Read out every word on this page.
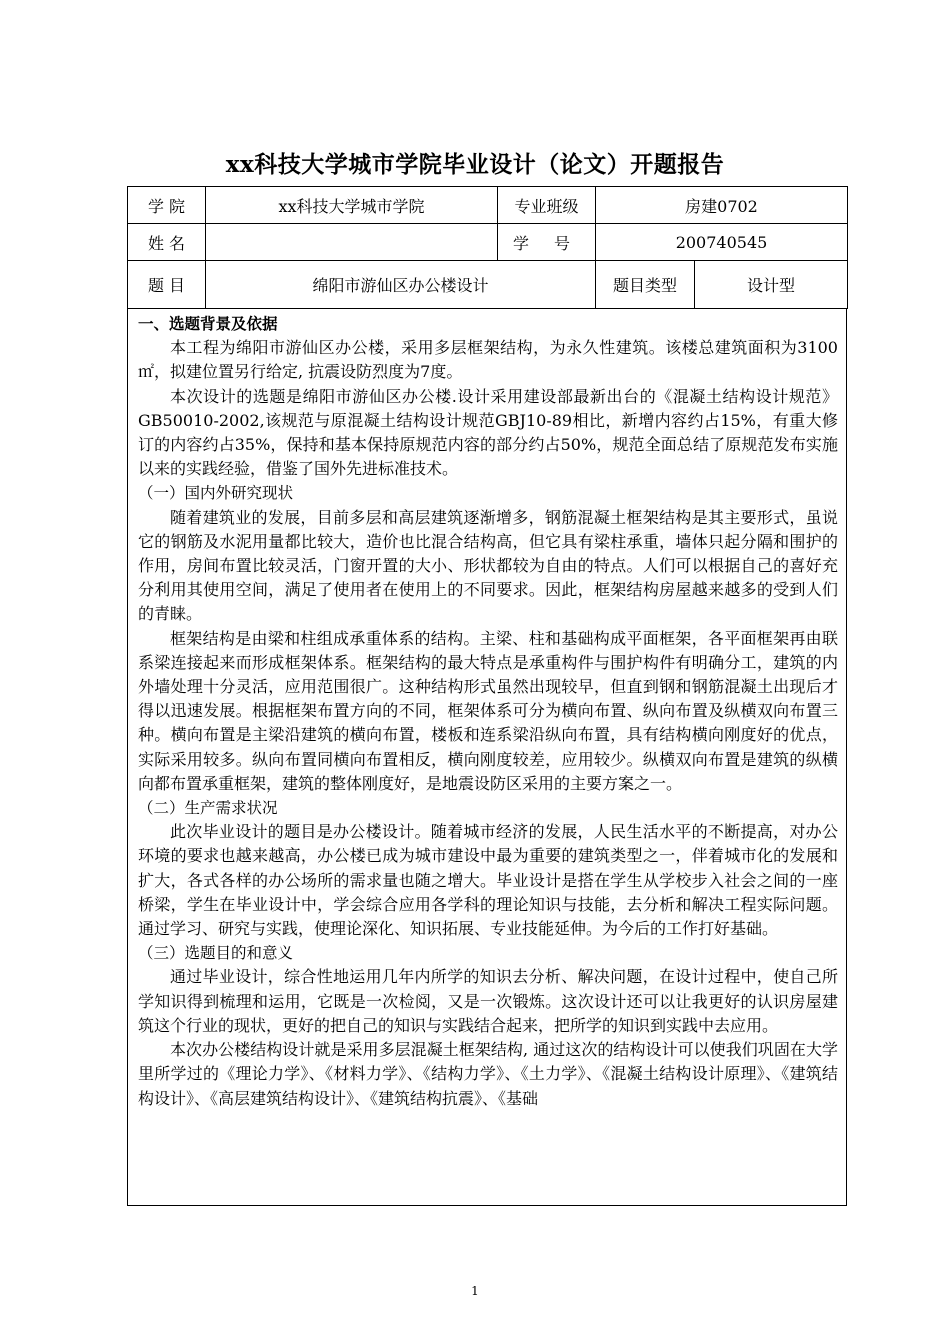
xx科技大学城市学院毕业设计（论文）开题报告
学 院	xx科技大学城市学院	专业班级	房建0702	
姓 名		学 号	200740545	
题 目	绵阳市游仙区办公楼设计		题目类型	设计型
一、选题背景及依据

本工程为绵阳市游仙区办公楼，采用多层框架结构，为永久性建筑。该楼总建筑面积为3100㎡，拟建位置另行给定, 抗震设防烈度为7度。

本次设计的选题是绵阳市游仙区办公楼.设计采用建设部最新出台的《混凝土结构设计规范》GB50010-2002,该规范与原混凝土结构设计规范GBJ10-89相比，新增内容约占15%，有重大修订的内容约占35%，保持和基本保持原规范内容的部分约占50%，规范全面总结了原规范发布实施以来的实践经验，借鉴了国外先进标准技术。

（一）国内外研究现状

随着建筑业的发展，目前多层和高层建筑逐渐增多，钢筋混凝土框架结构是其主要形式，虽说它的钢筋及水泥用量都比较大，造价也比混合结构高，但它具有梁柱承重，墙体只起分隔和围护的作用，房间布置比较灵活，门窗开置的大小、形状都较为自由的特点。人们可以根据自己的喜好充分利用其使用空间，满足了使用者在使用上的不同要求。因此，框架结构房屋越来越多的受到人们的青睐。

框架结构是由梁和柱组成承重体系的结构。主梁、柱和基础构成平面框架，各平面框架再由联系梁连接起来而形成框架体系。框架结构的最大特点是承重构件与围护构件有明确分工，建筑的内外墙处理十分灵活，应用范围很广。这种结构形式虽然出现较早，但直到钢和钢筋混凝土出现后才得以迅速发展。根据框架布置方向的不同，框架体系可分为横向布置、纵向布置及纵横双向布置三种。横向布置是主梁沿建筑的横向布置，楼板和连系梁沿纵向布置，具有结构横向刚度好的优点，实际采用较多。纵向布置同横向布置相反，横向刚度较差，应用较少。纵横双向布置是建筑的纵横向都布置承重框架，建筑的整体刚度好，是地震设防区采用的主要方案之一。

（二）生产需求状况

此次毕业设计的题目是办公楼设计。随着城市经济的发展，人民生活水平的不断提高，对办公环境的要求也越来越高，办公楼已成为城市建设中最为重要的建筑类型之一，伴着城市化的发展和扩大，各式各样的办公场所的需求量也随之增大。毕业设计是搭在学生从学校步入社会之间的一座桥梁，学生在毕业设计中，学会综合应用各学科的理论知识与技能，去分析和解决工程实际问题。通过学习、研究与实践，使理论深化、知识拓展、专业技能延伸。为今后的工作打好基础。

（三）选题目的和意义

通过毕业设计，综合性地运用几年内所学的知识去分析、解决问题，在设计过程中，使自己所学知识得到梳理和运用，它既是一次检阅，又是一次锻炼。这次设计还可以让我更好的认识房屋建筑这个行业的现状，更好的把自己的知识与实践结合起来，把所学的知识到实践中去应用。

本次办公楼结构设计就是采用多层混凝土框架结构, 通过这次的结构设计可以使我们巩固在大学里所学过的《理论力学》、《材料力学》、《结构力学》、《土力学》、《混凝土结构设计原理》、《建筑结构设计》、《高层建筑结构设计》、《建筑结构抗震》、《基础

1
